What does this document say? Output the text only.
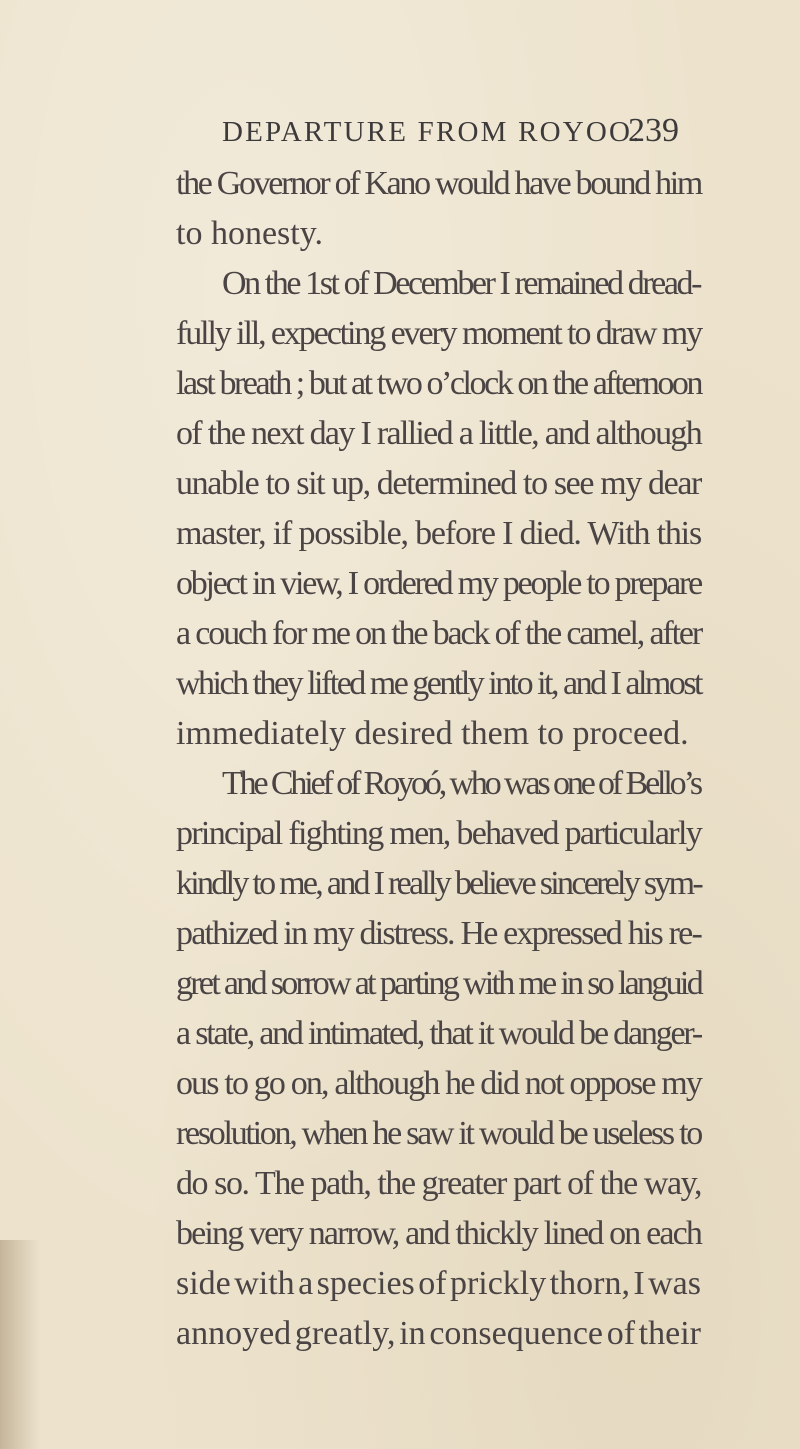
DEPARTURE FROM ROYOO.
239
the Governor of Kano would have bound him
to honesty.
On the 1st of December I remained dread-
fully ill, expecting every moment to draw my
last breath ; but at two o’clock on the afternoon
of the next day I rallied a little, and although
unable to sit up, determined to see my dear
master, if possible, before I died. With this
object in view, I ordered my people to prepare
a couch for me on the back of the camel, after
which they lifted me gently into it, and I almost
immediately desired them to proceed.
The Chief of Royoó, who was one of Bello’s
principal fighting men, behaved particularly
kindly to me, and I really believe sincerely sym-
pathized in my distress. He expressed his re-
gret and sorrow at parting with me in so languid
a state, and intimated, that it would be danger-
ous to go on, although he did not oppose my
resolution, when he saw it would be useless to
do so. The path, the greater part of the way,
being very narrow, and thickly lined on each
side with a species of prickly thorn, I was
annoyed greatly, in consequence of their
